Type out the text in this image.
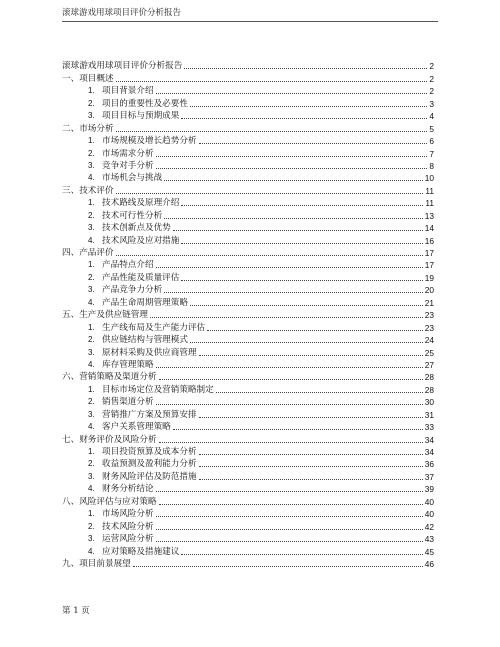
滚球游戏用球项目评价分析报告
滚球游戏用球项目评价分析报告	2
一、项目概述	2
1. 项目背景介绍	2
2. 项目的重要性及必要性	3
3. 项目目标与预期成果	4
二、市场分析	5
1. 市场规模及增长趋势分析	6
2. 市场需求分析	7
3. 竞争对手分析	8
4. 市场机会与挑战	10
三、技术评价	11
1. 技术路线及原理介绍	11
2. 技术可行性分析	13
3. 技术创新点及优势	14
4. 技术风险及应对措施	16
四、产品评价	17
1. 产品特点介绍	17
2. 产品性能及质量评估	19
3. 产品竞争力分析	20
4. 产品生命周期管理策略	21
五、生产及供应链管理	23
1. 生产线布局及生产能力评估	23
2. 供应链结构与管理模式	24
3. 原材料采购及供应商管理	25
4. 库存管理策略	27
六、营销策略及渠道分析	28
1. 目标市场定位及营销策略制定	28
2. 销售渠道分析	30
3. 营销推广方案及预算安排	31
4. 客户关系管理策略	33
七、财务评价及风险分析	34
1. 项目投资预算及成本分析	34
2. 收益预测及盈利能力分析	36
3. 财务风险评估及防范措施	37
4. 财务分析结论	39
八、风险评估与应对策略	40
1. 市场风险分析	40
2. 技术风险分析	42
3. 运营风险分析	43
4. 应对策略及措施建议	45
九、项目前景展望	46
第 1 页
